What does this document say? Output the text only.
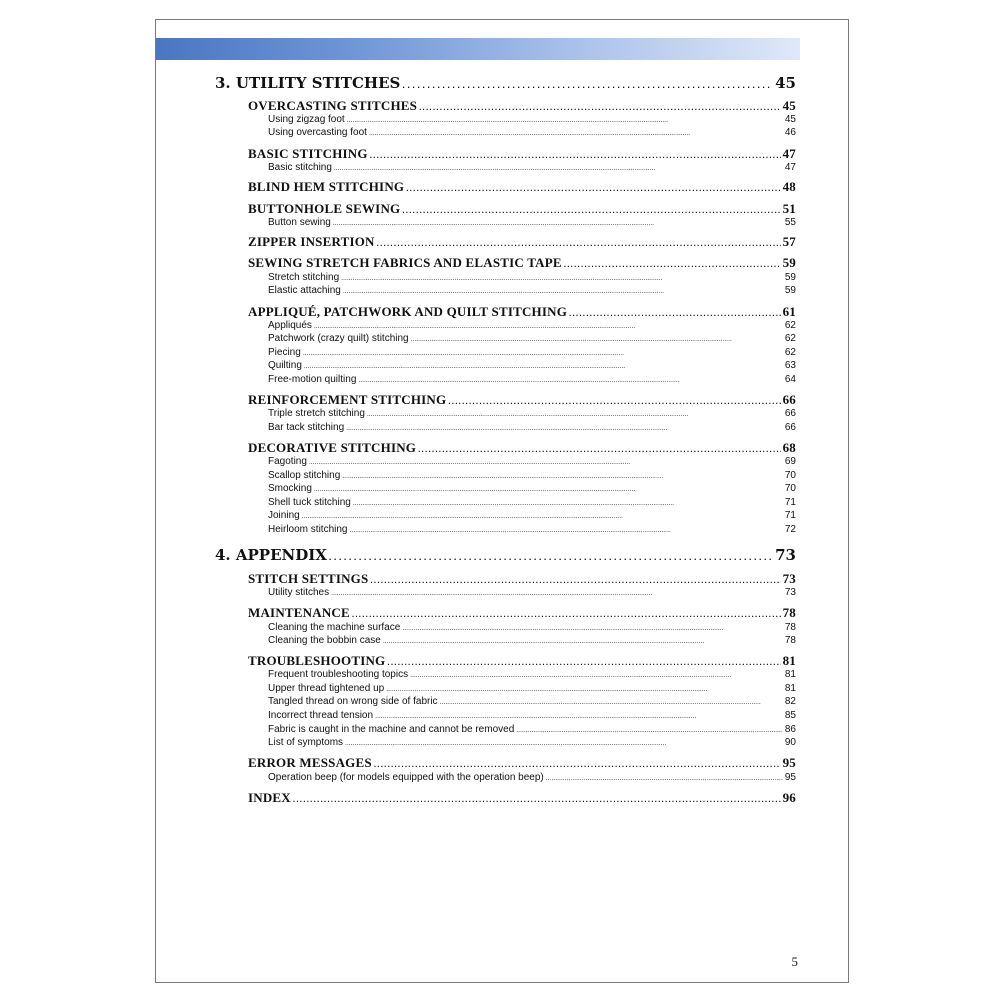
3. UTILITY STITCHES . . .	45
OVERCASTING STITCHES . . .	45
Using zigzag foot . . .	45
Using overcasting foot . . .	46
BASIC STITCHING . . .	47
Basic stitching . . .	47
BLIND HEM STITCHING . . .	48
BUTTONHOLE SEWING . . .	51
Button sewing . . .	55
ZIPPER INSERTION . . .	57
SEWING STRETCH FABRICS AND ELASTIC TAPE . . .	59
Stretch stitching . . .	59
Elastic attaching . . .	59
APPLIQUÉ, PATCHWORK AND QUILT STITCHING . . .	61
Appliqués . . .	62
Patchwork (crazy quilt) stitching . . .	62
Piecing . . .	62
Quilting . . .	63
Free-motion quilting . . .	64
REINFORCEMENT STITCHING . . .	66
Triple stretch stitching . . .	66
Bar tack stitching . . .	66
DECORATIVE STITCHING . . .	68
Fagoting . . .	69
Scallop stitching . . .	70
Smocking . . .	70
Shell tuck stitching . . .	71
Joining . . .	71
Heirloom stitching . . .	72
4. APPENDIX . . .	73
STITCH SETTINGS . . .	73
Utility stitches . . .	73
MAINTENANCE . . .	78
Cleaning the machine surface . . .	78
Cleaning the bobbin case . . .	78
TROUBLESHOOTING . . .	81
Frequent troubleshooting topics . . .	81
Upper thread tightened up . . .	81
Tangled thread on wrong side of fabric . . .	82
Incorrect thread tension . . .	85
Fabric is caught in the machine and cannot be removed . . .	86
List of symptoms . . .	90
ERROR MESSAGES . . .	95
Operation beep (for models equipped with the operation beep) . . .	95
INDEX . . .	96
5
